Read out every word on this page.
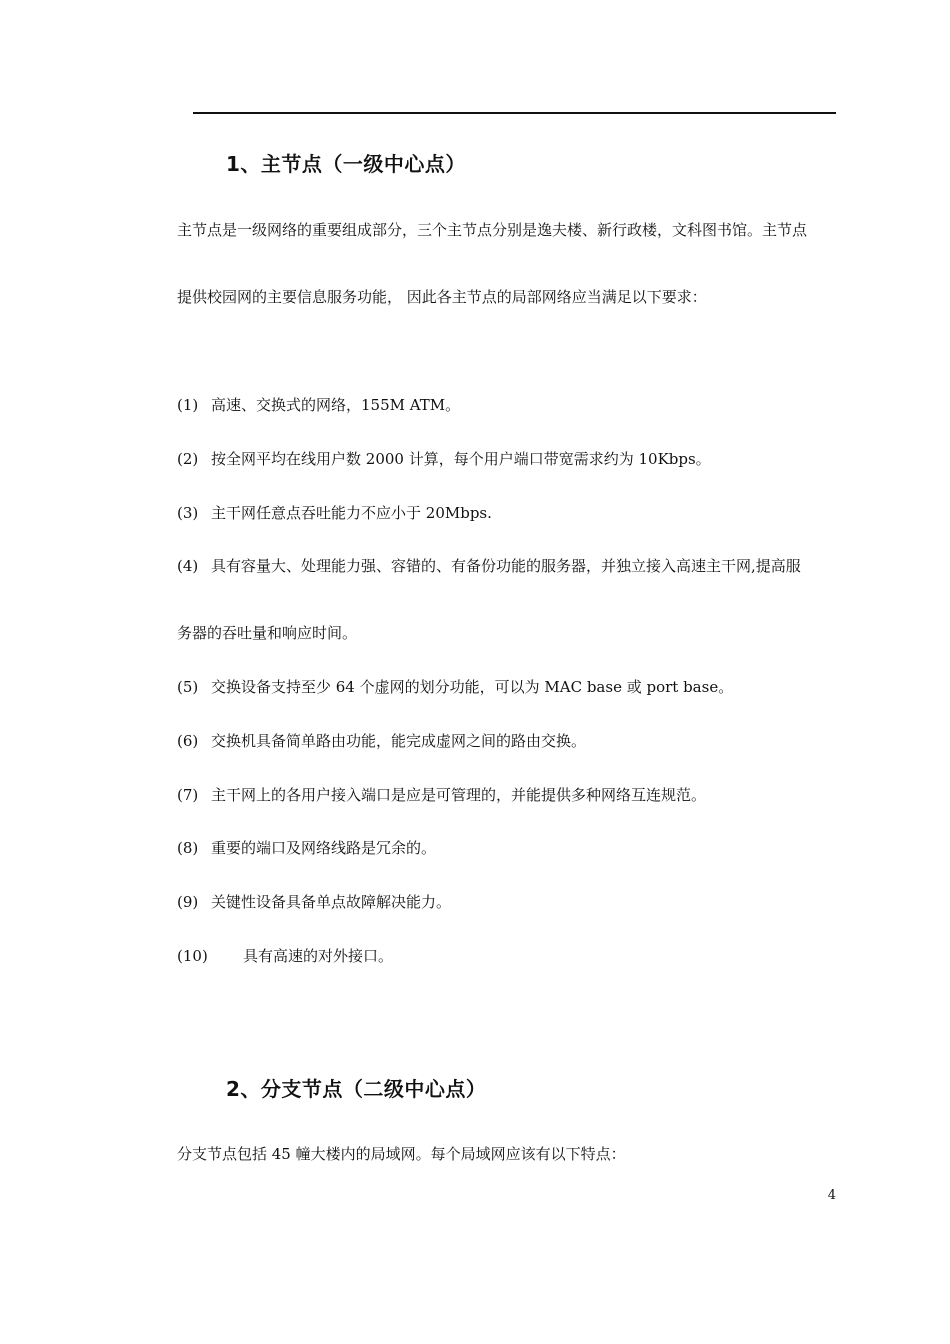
1、主节点（一级中心点）
主节点是一级网络的重要组成部分，三个主节点分别是逸夫楼、新行政楼，文科图书馆。主节点
提供校园网的主要信息服务功能， 因此各主节点的局部网络应当满足以下要求：
(1) 高速、交换式的网络，155M ATM。
(2) 按全网平均在线用户数 2000 计算，每个用户端口带宽需求约为 10Kbps。
(3) 主干网任意点吞吐能力不应小于 20Mbps.
(4) 具有容量大、处理能力强、容错的、有备份功能的服务器，并独立接入高速主干网,提高服
务器的吞吐量和响应时间。
(5) 交换设备支持至少 64 个虚网的划分功能，可以为 MAC base 或 port base。
(6) 交换机具备简单路由功能，能完成虚网之间的路由交换。
(7) 主干网上的各用户接入端口是应是可管理的，并能提供多种网络互连规范。
(8) 重要的端口及网络线路是冗余的。
(9) 关键性设备具备单点故障解决能力。
(10) 具有高速的对外接口。
2、分支节点（二级中心点）
分支节点包括 45 幢大楼内的局域网。每个局域网应该有以下特点：
4
